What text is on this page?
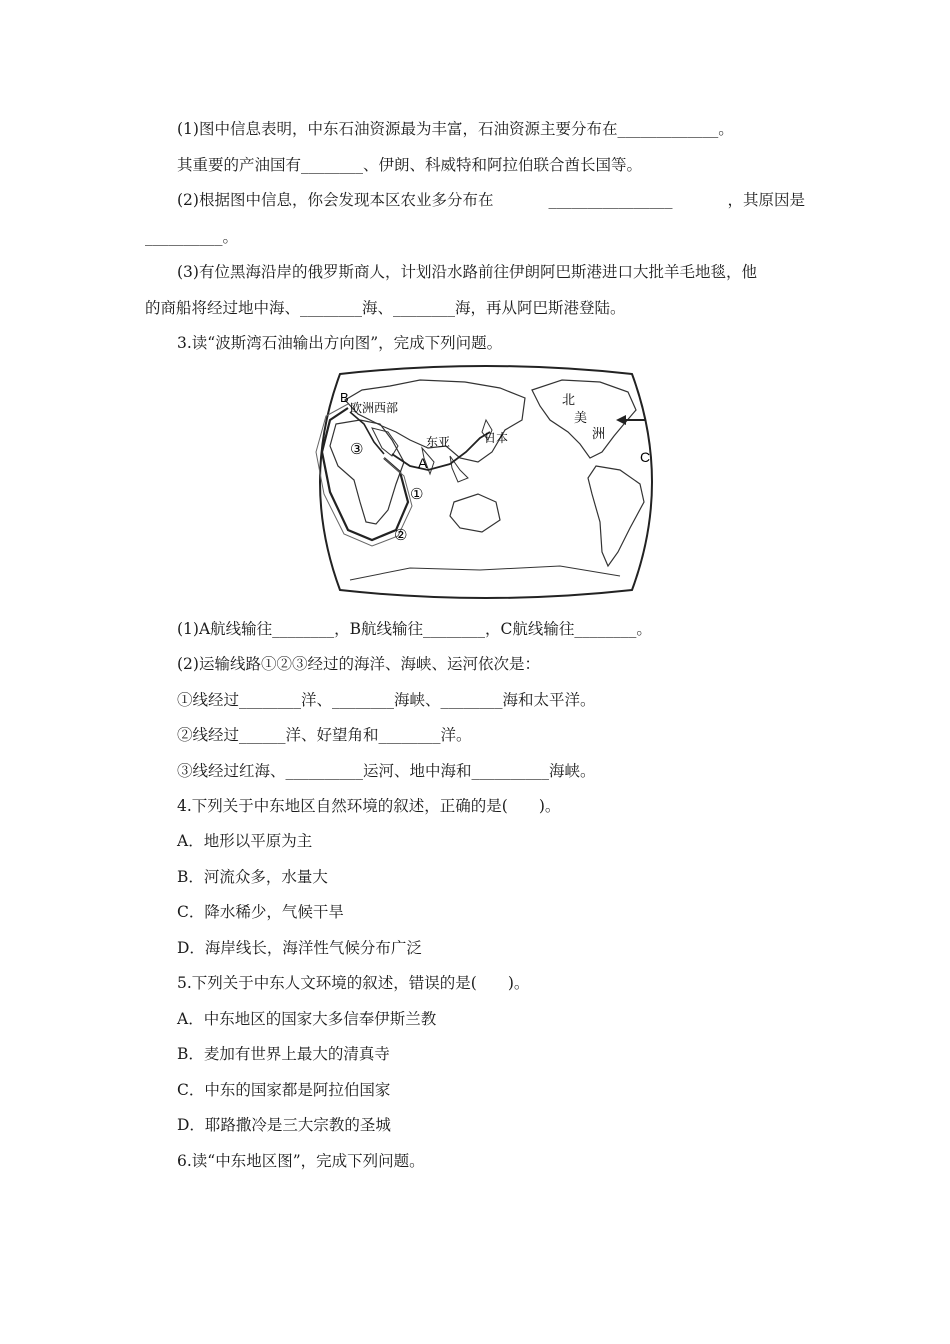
(1)图中信息表明，中东石油资源最为丰富，石油资源主要分布在_____________。
其重要的产油国有________、伊朗、科威特和阿拉伯联合酋长国等。
(2)根据图中信息，你会发现本区农业多分布在	________________	，其原因是
__________。
(3)有位黑海沿岸的俄罗斯商人，计划沿水路前往伊朗阿巴斯港进口大批羊毛地毯，他
的商船将经过地中海、________海、________海，再从阿巴斯港登陆。
3.读“波斯湾石油输出方向图”，完成下列问题。
B
欧洲西部
③	东亚	日本
A
①
②
北
美
洲
C
(1)A航线输往________，B航线输往________，C航线输往________。
(2)运输线路①②③经过的海洋、海峡、运河依次是：
①线经过________洋、________海峡、________海和太平洋。
②线经过______洋、好望角和________洋。
③线经过红海、__________运河、地中海和__________海峡。
4.下列关于中东地区自然环境的叙述，正确的是(　　)。
A．地形以平原为主
B．河流众多，水量大
C．降水稀少，气候干旱
D．海岸线长，海洋性气候分布广泛
5.下列关于中东人文环境的叙述，错误的是(　　)。
A．中东地区的国家大多信奉伊斯兰教
B．麦加有世界上最大的清真寺
C．中东的国家都是阿拉伯国家
D．耶路撒冷是三大宗教的圣城
6.读“中东地区图”，完成下列问题。
